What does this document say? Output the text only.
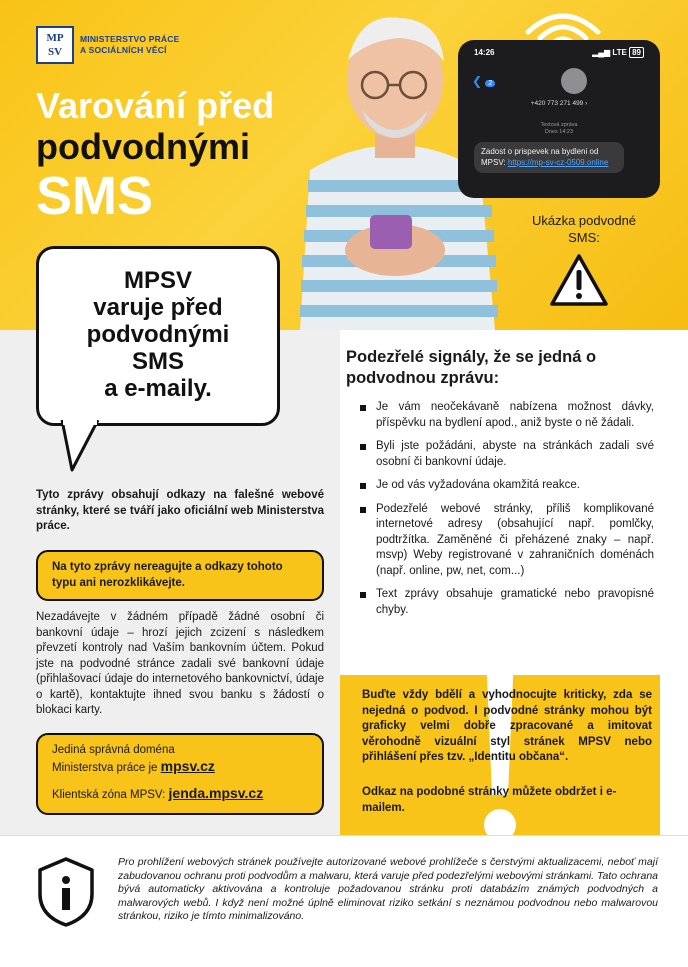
MP
SV
MINISTERSTVO PRÁCE
A SOCIÁLNÍCH VĚCÍ
Varování před
podvodnými
SMS
14:26	▂▄▆ LTE 89
❮ 2
+420 773 271 499 ›
Textová zpráva
Dnes 14:23
Zadost o prispevek na bydleni od MPSV: https://mp-sv-cz-0509.online
Ukázka podvodné SMS:
MPSV
varuje před
podvodnými
SMS
a e-maily.

Tyto zprávy obsahují odkazy na falešné webové stránky, které se tváří jako oficiální web Ministerstva práce.

Na tyto zprávy nereagujte a odkazy tohoto typu ani nerozklikávejte.

Nezadávejte v žádném případě žádné osobní či bankovní údaje – hrozí jejich zcizení s následkem převzetí kontroly nad Vaším bankovním účtem. Pokud jste na podvodné stránce zadali své bankovní údaje (přihlašovací údaje do internetového bankovnictví, údaje o kartě), kontaktujte ihned svou banku s žádostí o blokaci karty.

Jediná správná doména
Ministerstva práce je mpsv.cz
Klientská zóna MPSV: jenda.mpsv.cz
Podezřelé signály, že se jedná o podvodnou zprávu:
Je vám neočekávaně nabízena možnost dávky, příspěvku na bydlení apod., aniž byste o ně žádali.
Byli jste požádáni, abyste na stránkách zadali své osobní či bankovní údaje.
Je od vás vyžadována okamžitá reakce.
Podezřelé webové stránky, příliš komplikované internetové adresy (obsahující např. pomlčky, podtržítka. Zaměněné či přeházené znaky – např. msvp) Weby registrované v zahraničních doménách (např. online, pw, net, com...)
Text zprávy obsahuje gramatické nebo pravopisné chyby.

Buďte vždy bdělí a vyhodnocujte kriticky, zda se nejedná o podvod. I podvodné stránky mohou být graficky velmi dobře zpracované a imitovat věrohodně vizuální styl stránek MPSV nebo přihlášení přes tzv. „Identitu občana“.

Odkaz na podobné stránky můžete obdržet i e-mailem.

Pro prohlížení webových stránek používejte autorizované webové prohlížeče s čerstvými aktualizacemi, neboť mají zabudovanou ochranu proti podvodům a malwaru, která varuje před podezřelými webovými stránkami. Tato ochrana bývá automaticky aktivována a kontroluje požadovanou stránku proti databázím známých podvodných a malwarových webů. I když není možné úplně eliminovat riziko setkání s neznámou podvodnou nebo malwarovou stránkou, riziko je tímto minimalizováno.
